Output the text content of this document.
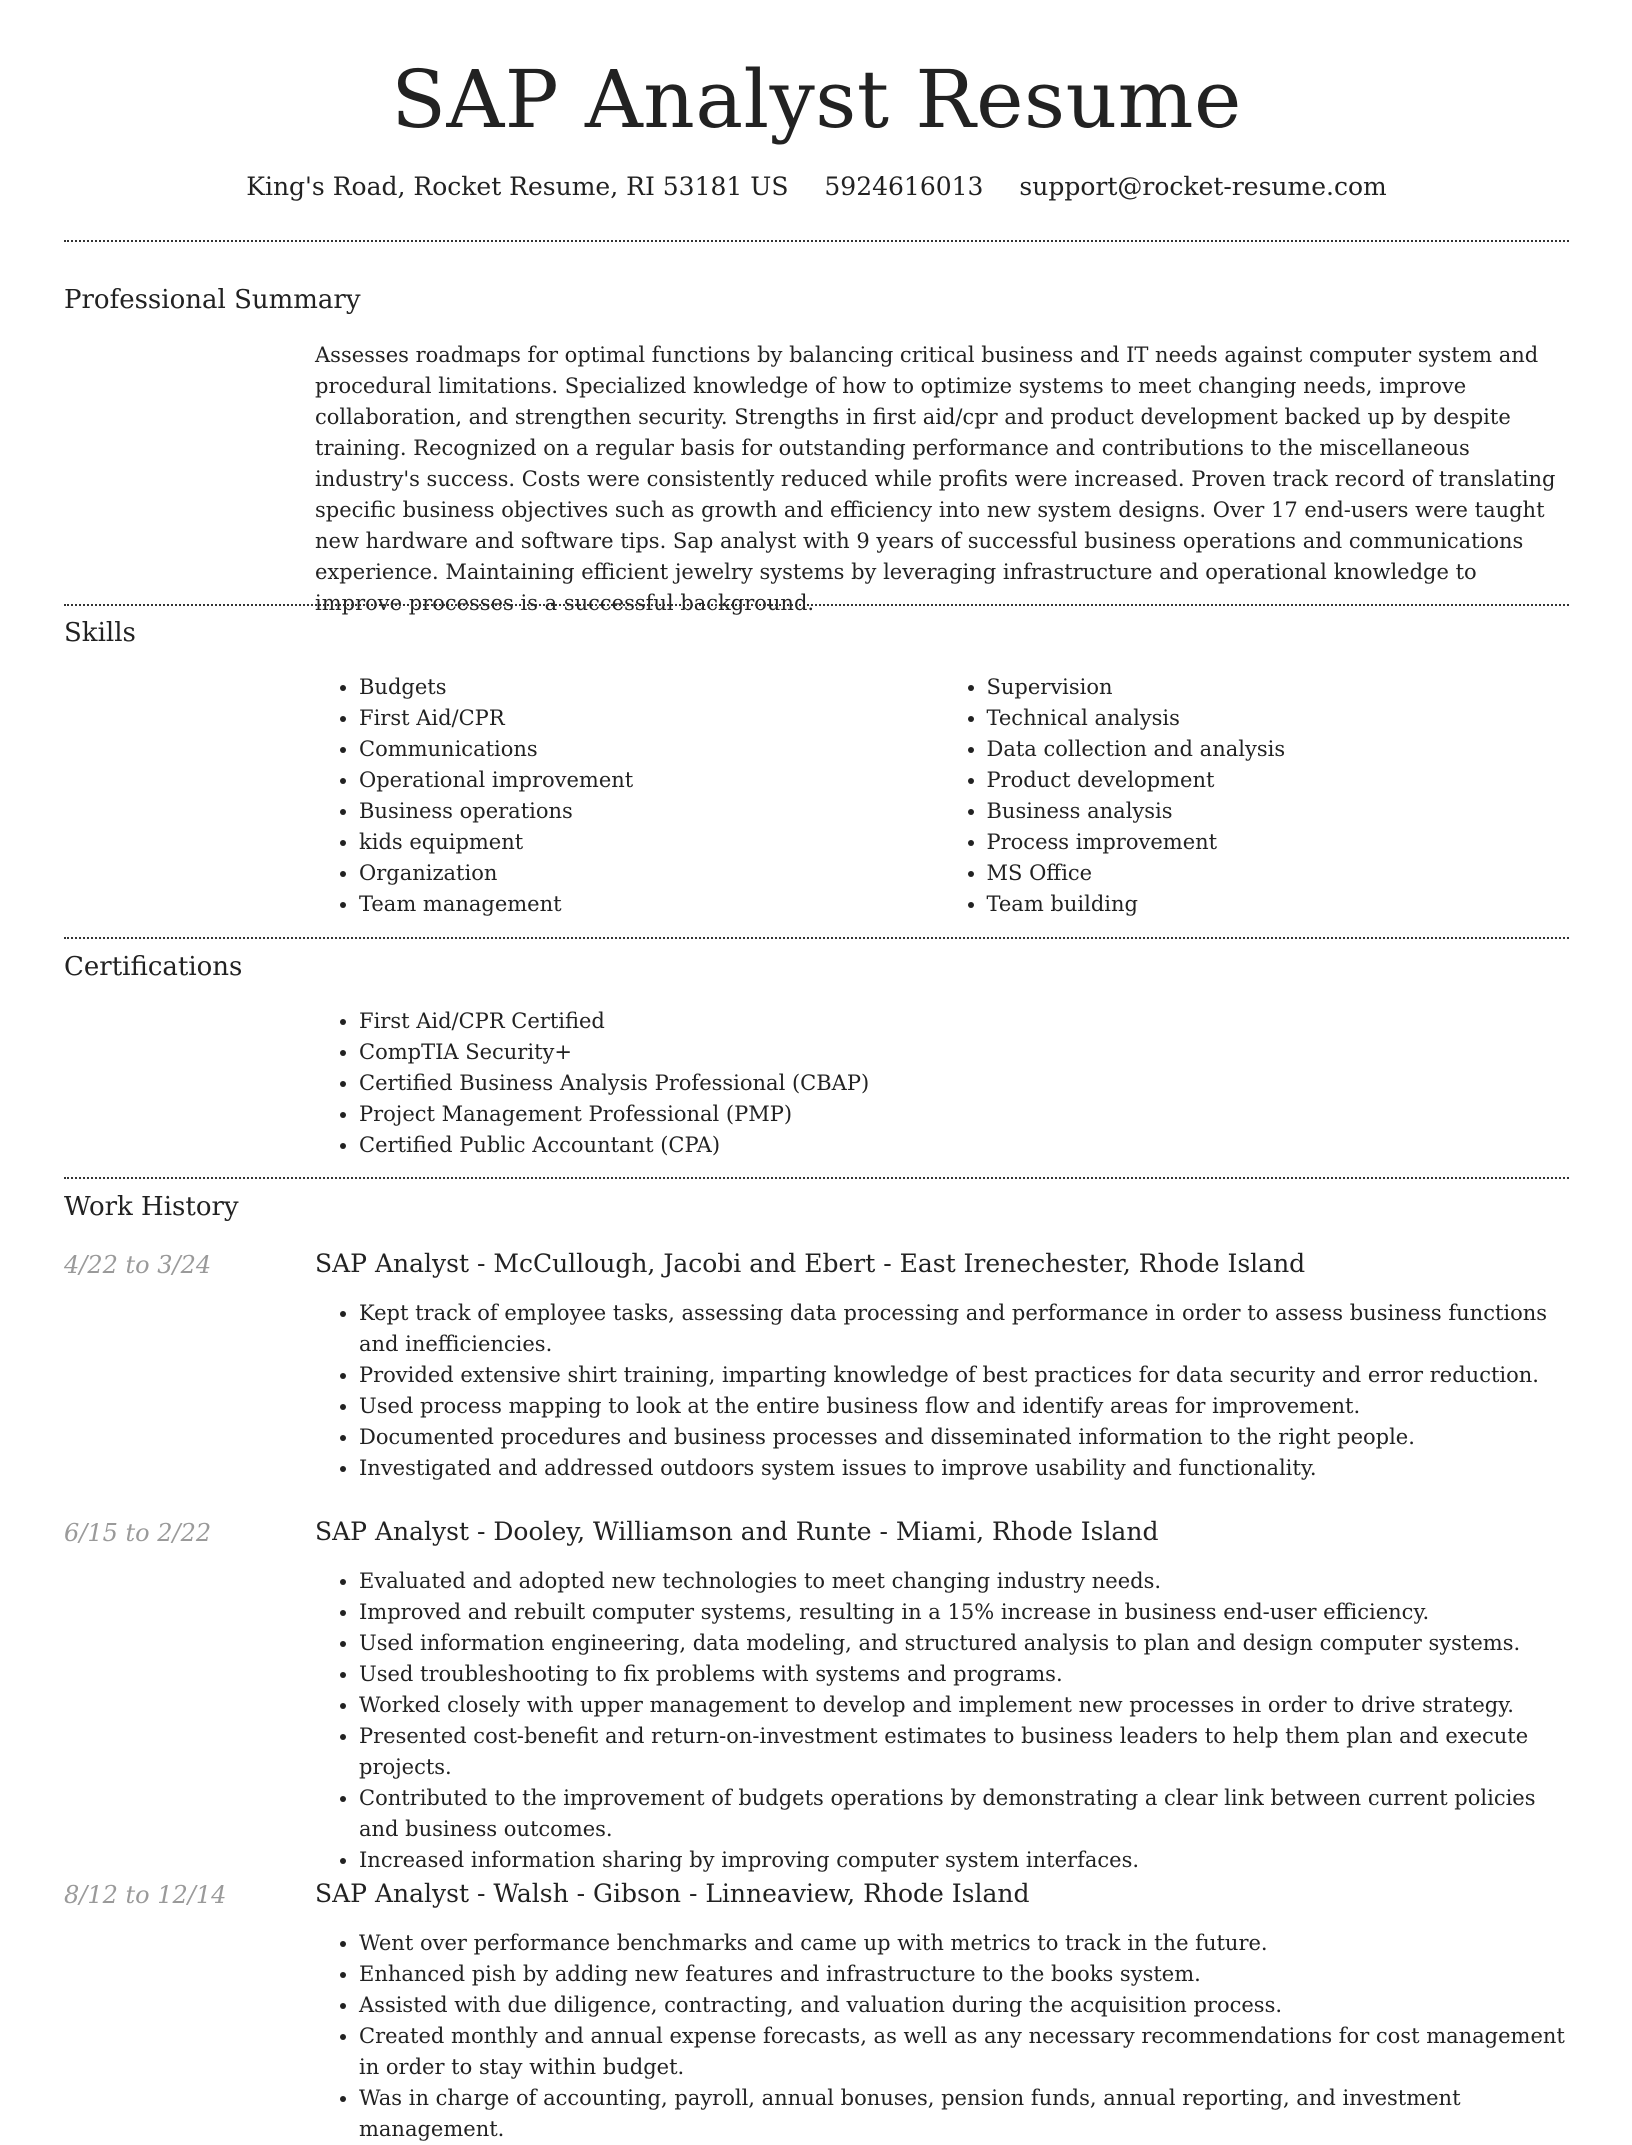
SAP Analyst Resume
King's Road, Rocket Resume, RI 53181 US 5924616013 support@rocket-resume.com
Professional Summary

Assesses roadmaps for optimal functions by balancing critical business and IT needs against computer system and procedural limitations. Specialized knowledge of how to optimize systems to meet changing needs, improve collaboration, and strengthen security. Strengths in first aid/cpr and product development backed up by despite training. Recognized on a regular basis for outstanding performance and contributions to the miscellaneous industry's success. Costs were consistently reduced while profits were increased. Proven track record of translating specific business objectives such as growth and efficiency into new system designs. Over 17 end-users were taught new hardware and software tips. Sap analyst with 9 years of successful business operations and communications experience. Maintaining efficient jewelry systems by leveraging infrastructure and operational knowledge to improve processes is a successful background.

Skills
• Budgets
• First Aid/CPR
• Communications
• Operational improvement
• Business operations
• kids equipment
• Organization
• Team management
• Supervision
• Technical analysis
• Data collection and analysis
• Product development
• Business analysis
• Process improvement
• MS Office
• Team building
Certifications
• First Aid/CPR Certified
• CompTIA Security+
• Certified Business Analysis Professional (CBAP)
• Project Management Professional (PMP)
• Certified Public Accountant (CPA)
Work History
4/22 to 3/24	SAP Analyst - McCullough, Jacobi and Ebert - East Irenechester, Rhode Island
• Kept track of employee tasks, assessing data processing and performance in order to assess business functions and inefficiencies.
• Provided extensive shirt training, imparting knowledge of best practices for data security and error reduction.
• Used process mapping to look at the entire business flow and identify areas for improvement.
• Documented procedures and business processes and disseminated information to the right people.
• Investigated and addressed outdoors system issues to improve usability and functionality.
6/15 to 2/22	SAP Analyst - Dooley, Williamson and Runte - Miami, Rhode Island
• Evaluated and adopted new technologies to meet changing industry needs.
• Improved and rebuilt computer systems, resulting in a 15% increase in business end-user efficiency.
• Used information engineering, data modeling, and structured analysis to plan and design computer systems.
• Used troubleshooting to fix problems with systems and programs.
• Worked closely with upper management to develop and implement new processes in order to drive strategy.
• Presented cost-benefit and return-on-investment estimates to business leaders to help them plan and execute projects.
• Contributed to the improvement of budgets operations by demonstrating a clear link between current policies and business outcomes.
• Increased information sharing by improving computer system interfaces.
8/12 to 12/14	SAP Analyst - Walsh - Gibson - Linneaview, Rhode Island
• Went over performance benchmarks and came up with metrics to track in the future.
• Enhanced pish by adding new features and infrastructure to the books system.
• Assisted with due diligence, contracting, and valuation during the acquisition process.
• Created monthly and annual expense forecasts, as well as any necessary recommendations for cost management in order to stay within budget.
• Was in charge of accounting, payroll, annual bonuses, pension funds, annual reporting, and investment management.
